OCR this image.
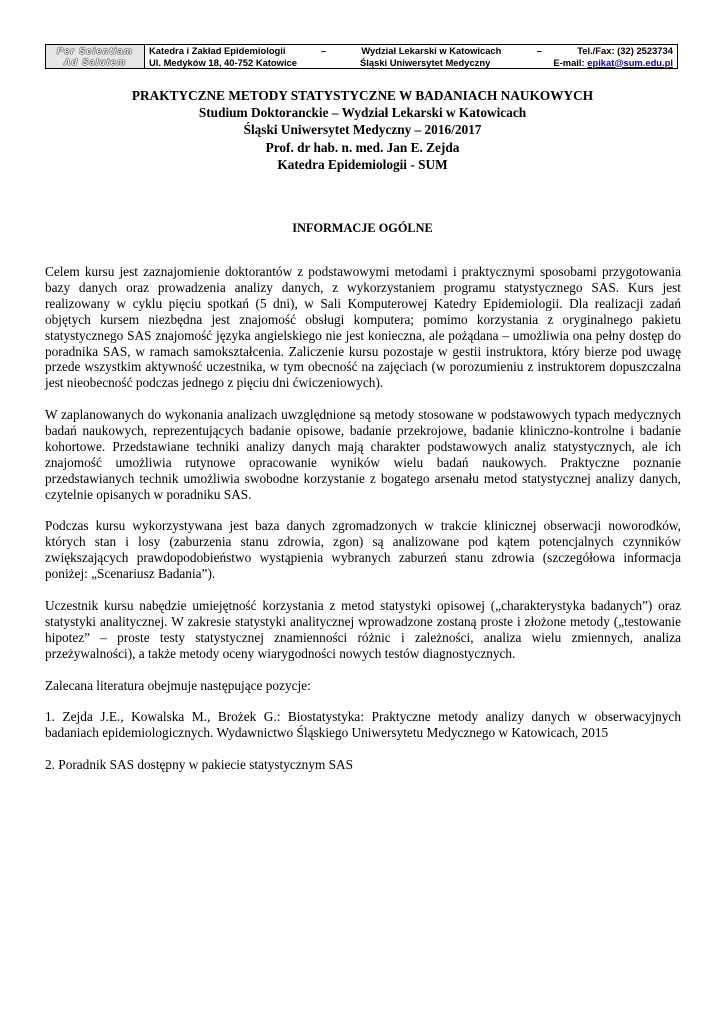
Per Scientiam
Ad Salutem

Katedra i Zakład Epidemiologii	–	Wydział Lekarski w Katowicach	–	Tel./Fax: (32) 2523734
Ul. Medyków 18, 40-752 Katowice	Śląski Uniwersytet Medyczny	E-mail: epikat@sum.edu.pl
PRAKTYCZNE METODY STATYSTYCZNE W BADANIACH NAUKOWYCH
Studium Doktoranckie – Wydział Lekarski w Katowicach
Śląski Uniwersytet Medyczny – 2016/2017
Prof. dr hab. n. med. Jan E. Zejda
Katedra Epidemiologii - SUM
INFORMACJE OGÓLNE

Celem kursu jest zaznajomienie doktorantów z podstawowymi metodami i praktycznymi sposobami przygotowania bazy danych oraz prowadzenia analizy danych, z wykorzystaniem programu statystycznego SAS. Kurs jest realizowany w cyklu pięciu spotkań (5 dni), w Sali Komputerowej Katedry Epidemiologii. Dla realizacji zadań objętych kursem niezbędna jest znajomość obsługi komputera; pomimo korzystania z oryginalnego pakietu statystycznego SAS znajomość języka angielskiego nie jest konieczna, ale pożądana – umożliwia ona pełny dostęp do poradnika SAS, w ramach samokształcenia. Zaliczenie kursu pozostaje w gestii instruktora, który bierze pod uwagę przede wszystkim aktywność uczestnika, w tym obecność na zajęciach (w porozumieniu z instruktorem dopuszczalna jest nieobecność podczas jednego z pięciu dni ćwiczeniowych).

W zaplanowanych do wykonania analizach uwzględnione są metody stosowane w podstawowych typach medycznych badań naukowych, reprezentujących badanie opisowe, badanie przekrojowe, badanie kliniczno-kontrolne i badanie kohortowe. Przedstawiane techniki analizy danych mają charakter podstawowych analiz statystycznych, ale ich znajomość umożliwia rutynowe opracowanie wyników wielu badań naukowych. Praktyczne poznanie przedstawianych technik umożliwia swobodne korzystanie z bogatego arsenału metod statystycznej analizy danych, czytelnie opisanych w poradniku SAS.

Podczas kursu wykorzystywana jest baza danych zgromadzonych w trakcie klinicznej obserwacji noworodków, których stan i losy (zaburzenia stanu zdrowia, zgon) są analizowane pod kątem potencjalnych czynników zwiększających prawdopodobieństwo wystąpienia wybranych zaburzeń stanu zdrowia (szczegółowa informacja poniżej: „Scenariusz Badania”).

Uczestnik kursu nabędzie umiejętność korzystania z metod statystyki opisowej („charakterystyka badanych”) oraz statystyki analitycznej. W zakresie statystyki analitycznej wprowadzone zostaną proste i złożone metody („testowanie hipotez” – proste testy statystycznej znamienności różnic i zależności, analiza wielu zmiennych, analiza przeżywalności), a także metody oceny wiarygodności nowych testów diagnostycznych.

Zalecana literatura obejmuje następujące pozycje:

1. Zejda J.E., Kowalska M., Brożek G.: Biostatystyka: Praktyczne metody analizy danych w obserwacyjnych badaniach epidemiologicznych. Wydawnictwo Śląskiego Uniwersytetu Medycznego w Katowicach, 2015

2. Poradnik SAS dostępny w pakiecie statystycznym SAS
